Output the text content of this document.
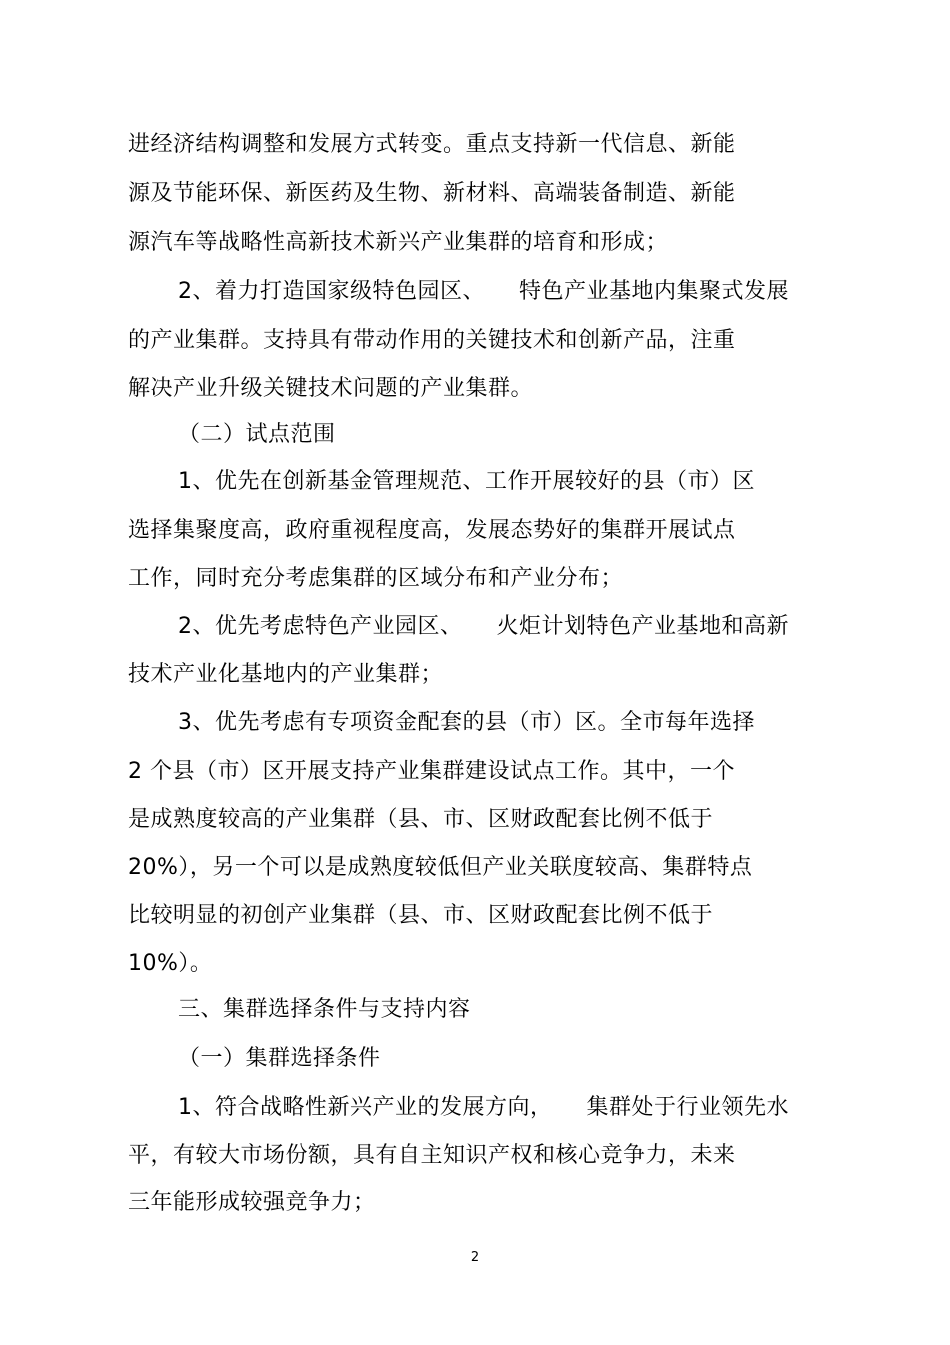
进经济结构调整和发展方式转变。重点支持新一代信息、新能
源及节能环保、新医药及生物、新材料、高端装备制造、新能
源汽车等战略性高新技术新兴产业集群的培育和形成；
2、着力打造国家级特色园区、　　特色产业基地内集聚式发展
的产业集群。支持具有带动作用的关键技术和创新产品，注重
解决产业升级关键技术问题的产业集群。
（二）试点范围
1、优先在创新基金管理规范、工作开展较好的县（市）区
选择集聚度高，政府重视程度高，发展态势好的集群开展试点
工作，同时充分考虑集群的区域分布和产业分布；
2、优先考虑特色产业园区、　　火炬计划特色产业基地和高新
技术产业化基地内的产业集群；
3、优先考虑有专项资金配套的县（市）区。全市每年选择
2 个县（市）区开展支持产业集群建设试点工作。其中，一个
是成熟度较高的产业集群（县、市、区财政配套比例不低于
20%），另一个可以是成熟度较低但产业关联度较高、集群特点
比较明显的初创产业集群（县、市、区财政配套比例不低于
10%）。
三、集群选择条件与支持内容
（一）集群选择条件
1、符合战略性新兴产业的发展方向，　　集群处于行业领先水
平，有较大市场份额，具有自主知识产权和核心竞争力，未来
三年能形成较强竞争力；
2
